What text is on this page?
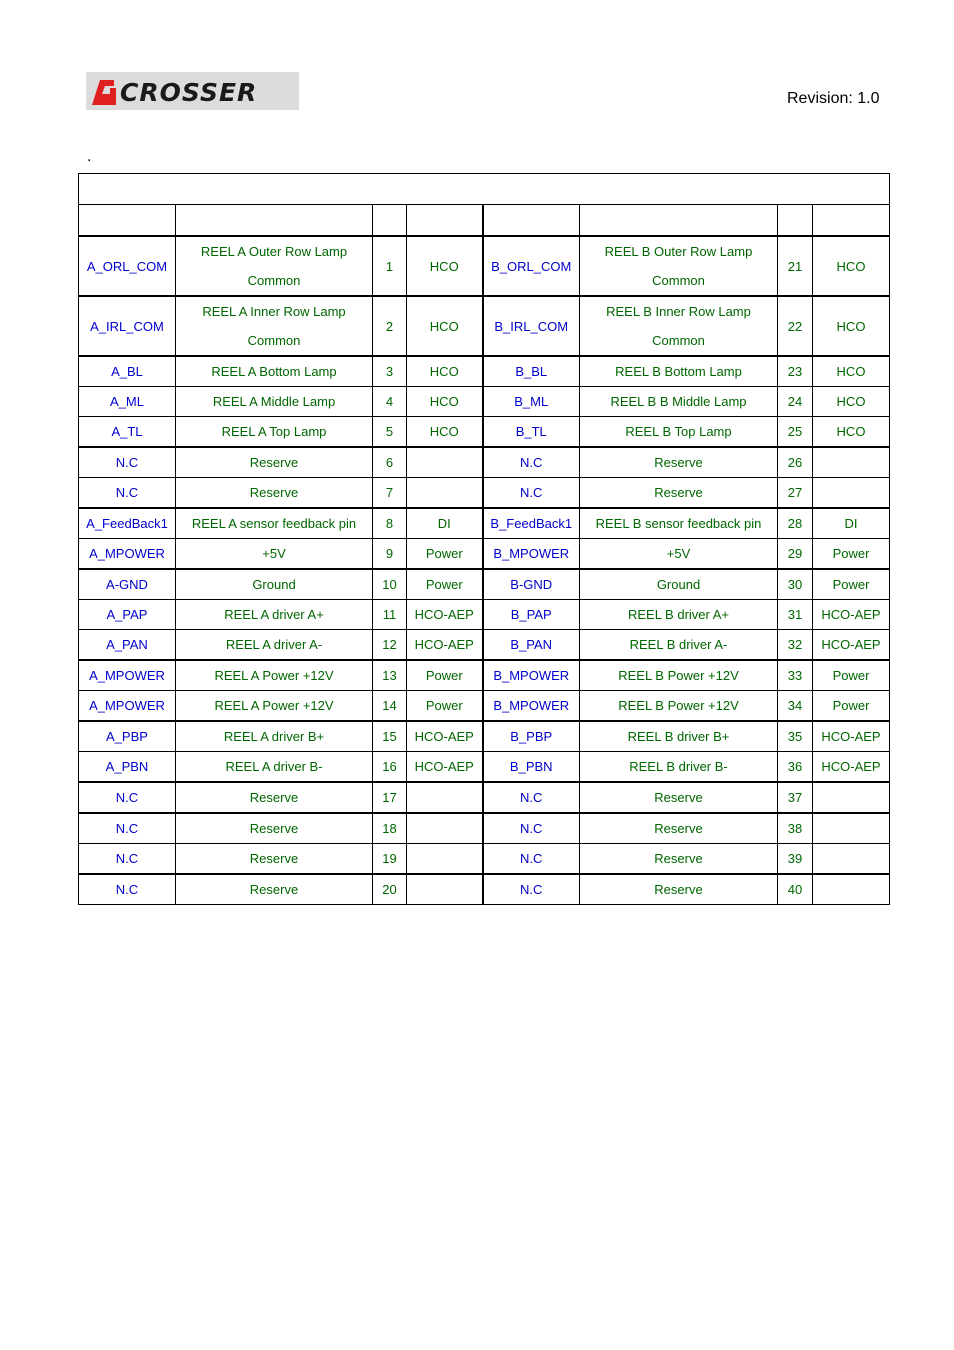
CROSSER	Revision: 1.0
.

A_ORL_COM	REEL A Outer Row Lamp Common	1	HCO	B_ORL_COM	REEL B Outer Row Lamp Common	21	HCO
A_IRL_COM	REEL A Inner Row Lamp Common	2	HCO	B_IRL_COM	REEL B Inner Row Lamp Common	22	HCO
A_BL	REEL A Bottom Lamp	3	HCO	B_BL	REEL B Bottom Lamp	23	HCO
A_ML	REEL A Middle Lamp	4	HCO	B_ML	REEL B B Middle Lamp	24	HCO
A_TL	REEL A Top Lamp	5	HCO	B_TL	REEL B Top Lamp	25	HCO
N.C	Reserve	6		N.C	Reserve	26	
N.C	Reserve	7		N.C	Reserve	27	
A_FeedBack1	REEL A sensor feedback pin	8	DI	B_FeedBack1	REEL B sensor feedback pin	28	DI
A_MPOWER	+5V	9	Power	B_MPOWER	+5V	29	Power
A-GND	Ground	10	Power	B-GND	Ground	30	Power
A_PAP	REEL A driver A+	11	HCO-AEP	B_PAP	REEL B driver A+	31	HCO-AEP
A_PAN	REEL A driver A-	12	HCO-AEP	B_PAN	REEL B driver A-	32	HCO-AEP
A_MPOWER	REEL A Power +12V	13	Power	B_MPOWER	REEL B Power +12V	33	Power
A_MPOWER	REEL A Power +12V	14	Power	B_MPOWER	REEL B Power +12V	34	Power
A_PBP	REEL A driver B+	15	HCO-AEP	B_PBP	REEL B driver B+	35	HCO-AEP
A_PBN	REEL A driver B-	16	HCO-AEP	B_PBN	REEL B driver B-	36	HCO-AEP
N.C	Reserve	17		N.C	Reserve	37	
N.C	Reserve	18		N.C	Reserve	38	
N.C	Reserve	19		N.C	Reserve	39	
N.C	Reserve	20		N.C	Reserve	40	
